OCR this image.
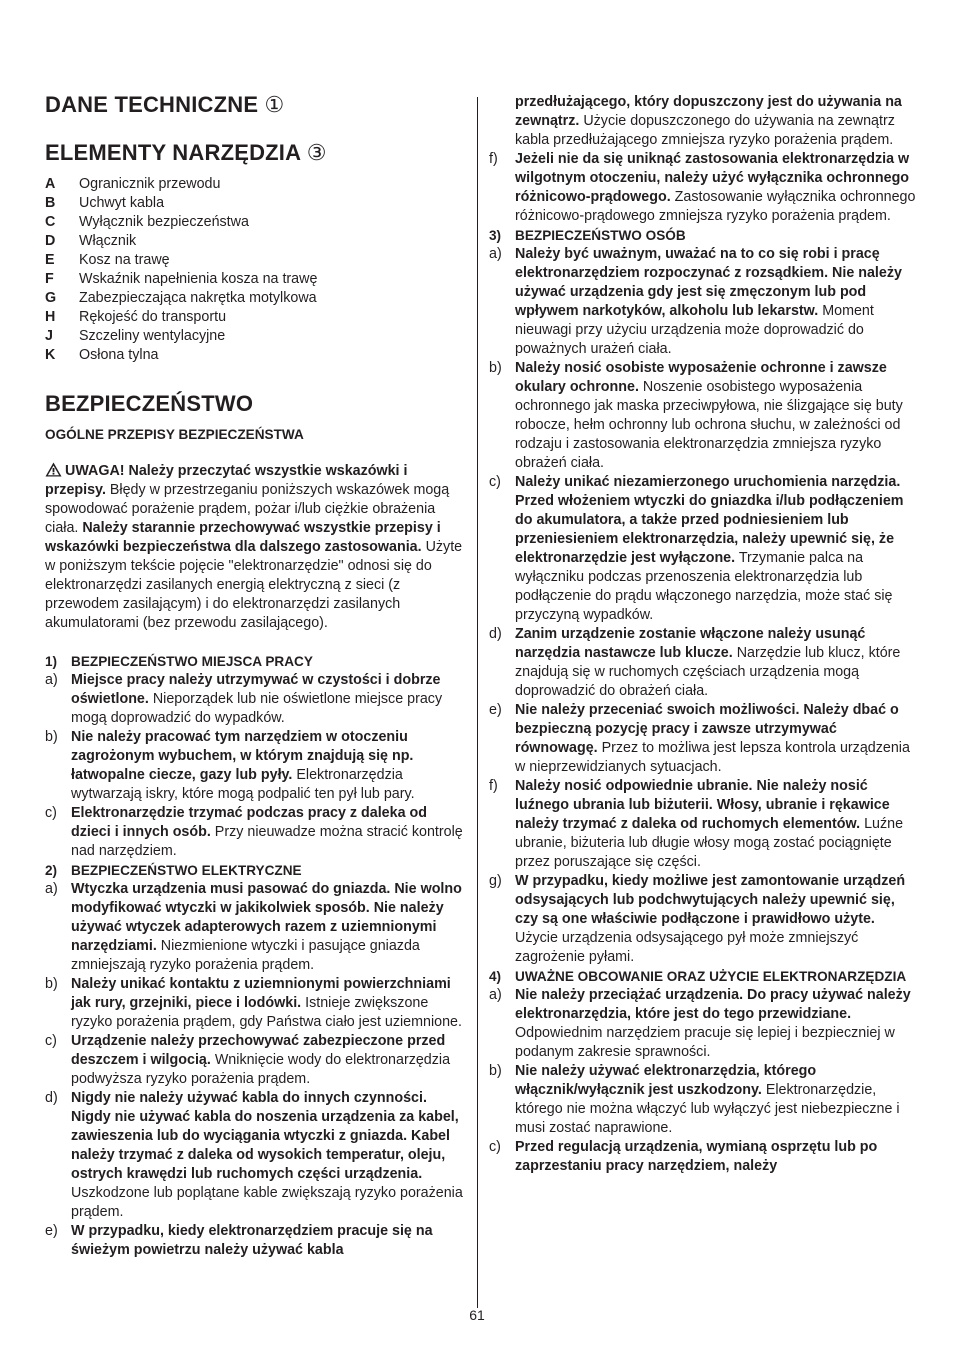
DANE TECHNICZNE ①
ELEMENTY NARZĘDZIA ③
A	Ogranicznik przewodu
B	Uchwyt kabla
C	Wyłącznik bezpieczeństwa
D	Włącznik
E	Kosz na trawę
F	Wskaźnik napełnienia kosza na trawę
G	Zabezpieczająca nakrętka motylkowa
H	Rękojeść do transportu
J	Szczeliny wentylacyjne
K	Osłona tylna
BEZPIECZEŃSTWO
OGÓLNE PRZEPISY BEZPIECZEŃSTWA
UWAGA! Należy przeczytać wszystkie wskazówki i przepisy. Błędy w przestrzeganiu poniższych wskazówek mogą spowodować porażenie prądem, pożar i/lub ciężkie obrażenia ciała. Należy starannie przechowywać wszystkie przepisy i wskazówki bezpieczeństwa dla dalszego zastosowania. Użyte w poniższym tekście pojęcie "elektronarzędzie" odnosi się do elektronarzędzi zasilanych energią elektryczną z sieci (z przewodem zasilającym) i do elektronarzędzi zasilanych akumulatorami (bez przewodu zasilającego).
1)	BEZPIECZEŃSTWO MIEJSCA PRACY
a) Miejsce pracy należy utrzymywać w czystości i dobrze oświetlone. Nieporządek lub nie oświetlone miejsce pracy mogą doprowadzić do wypadków.
b) Nie należy pracować tym narzędziem w otoczeniu zagrożonym wybuchem, w którym znajdują się np. łatwopalne ciecze, gazy lub pyły. Elektronarzędzia wytwarzają iskry, które mogą podpalić ten pył lub pary.
c) Elektronarzędzie trzymać podczas pracy z daleka od dzieci i innych osób. Przy nieuwadze można stracić kontrolę nad narzędziem.
2)	BEZPIECZEŃSTWO ELEKTRYCZNE
a) Wtyczka urządzenia musi pasować do gniazda. Nie wolno modyfikować wtyczki w jakikolwiek sposób. Nie należy używać wtyczek adapterowych razem z uziemnionymi narzędziami. Niezmienione wtyczki i pasujące gniazda zmniejszają ryzyko porażenia prądem.
b) Należy unikać kontaktu z uziemnionymi powierzchniami jak rury, grzejniki, piece i lodówki. Istnieje zwiększone ryzyko porażenia prądem, gdy Państwa ciało jest uziemnione.
c) Urządzenie należy przechowywać zabezpieczone przed deszczem i wilgocią. Wniknięcie wody do elektronarzędzia podwyższa ryzyko porażenia prądem.
d) Nigdy nie należy używać kabla do innych czynności. Nigdy nie używać kabla do noszenia urządzenia za kabel, zawieszenia lub do wyciągania wtyczki z gniazda. Kabel należy trzymać z daleka od wysokich temperatur, oleju, ostrych krawędzi lub ruchomych części urządzenia. Uszkodzone lub poplątane kable zwiększają ryzyko porażenia prądem.
e) W przypadku, kiedy elektronarzędziem pracuje się na świeżym powietrzu należy używać kabla
przedłużającego, który dopuszczony jest do używania na zewnątrz. Użycie dopuszczonego do używania na zewnątrz kabla przedłużającego zmniejsza ryzyko porażenia prądem.
f)	Jeżeli nie da się uniknąć zastosowania elektronarzędzia w wilgotnym otoczeniu, należy użyć wyłącznika ochronnego różnicowo-prądowego. Zastosowanie wyłącznika ochronnego różnicowo-prądowego zmniejsza ryzyko porażenia prądem.
3)	BEZPIECZEŃSTWO OSÓB
a) Należy być uważnym, uważać na to co się robi i pracę elektronarzędziem rozpoczynać z rozsądkiem. Nie należy używać urządzenia gdy jest się zmęczonym lub pod wpływem narkotyków, alkoholu lub lekarstw. Moment nieuwagi przy użyciu urządzenia może doprowadzić do poważnych urażeń ciała.
b) Należy nosić osobiste wyposażenie ochronne i zawsze okulary ochronne. Noszenie osobistego wyposażenia ochronnego jak maska przeciwpyłowa, nie ślizgające się buty robocze, hełm ochronny lub ochrona słuchu, w zależności od rodzaju i zastosowania elektronarzędzia zmniejsza ryzyko obrażeń ciała.
c) Należy unikać niezamierzonego uruchomienia narzędzia. Przed włożeniem wtyczki do gniazdka i/lub podłączeniem do akumulatora, a także przed podniesieniem lub przeniesieniem elektronarzędzia, należy upewnić się, że elektronarzędzie jest wyłączone. Trzymanie palca na wyłączniku podczas przenoszenia elektronarzędzia lub podłączenie do prądu włączonego narzędzia, może stać się przyczyną wypadków.
d) Zanim urządzenie zostanie włączone należy usunąć narzędzia nastawcze lub klucze. Narzędzie lub klucz, które znajdują się w ruchomych częściach urządzenia mogą doprowadzić do obrażeń ciała.
e) Nie należy przeceniać swoich możliwości. Należy dbać o bezpieczną pozycję pracy i zawsze utrzymywać równowagę. Przez to możliwa jest lepsza kontrola urządzenia w nieprzewidzianych sytuacjach.
f)	Należy nosić odpowiednie ubranie. Nie należy nosić luźnego ubrania lub biżuterii. Włosy, ubranie i rękawice należy trzymać z daleka od ruchomych elementów. Luźne ubranie, biżuteria lub długie włosy mogą zostać pociągnięte przez poruszające się części.
g) W przypadku, kiedy możliwe jest zamontowanie urządzeń odsysających lub podchwytujących należy upewnić się, czy są one właściwie podłączone i prawidłowo użyte. Użycie urządzenia odsysającego pył może zmniejszyć zagrożenie pyłami.
4)	UWAŻNE OBCOWANIE ORAZ UŻYCIE ELEKTRONARZĘDZIA
a) Nie należy przeciążać urządzenia. Do pracy używać należy elektronarzędzia, które jest do tego przewidziane. Odpowiednim narzędziem pracuje się lepiej i bezpieczniej w podanym zakresie sprawności.
b) Nie należy używać elektronarzędzia, którego włącznik/wyłącznik jest uszkodzony. Elektronarzędzie, którego nie można włączyć lub wyłączyć jest niebezpieczne i musi zostać naprawione.
c) Przed regulacją urządzenia, wymianą osprzętu lub po zaprzestaniu pracy narzędziem, należy
61
